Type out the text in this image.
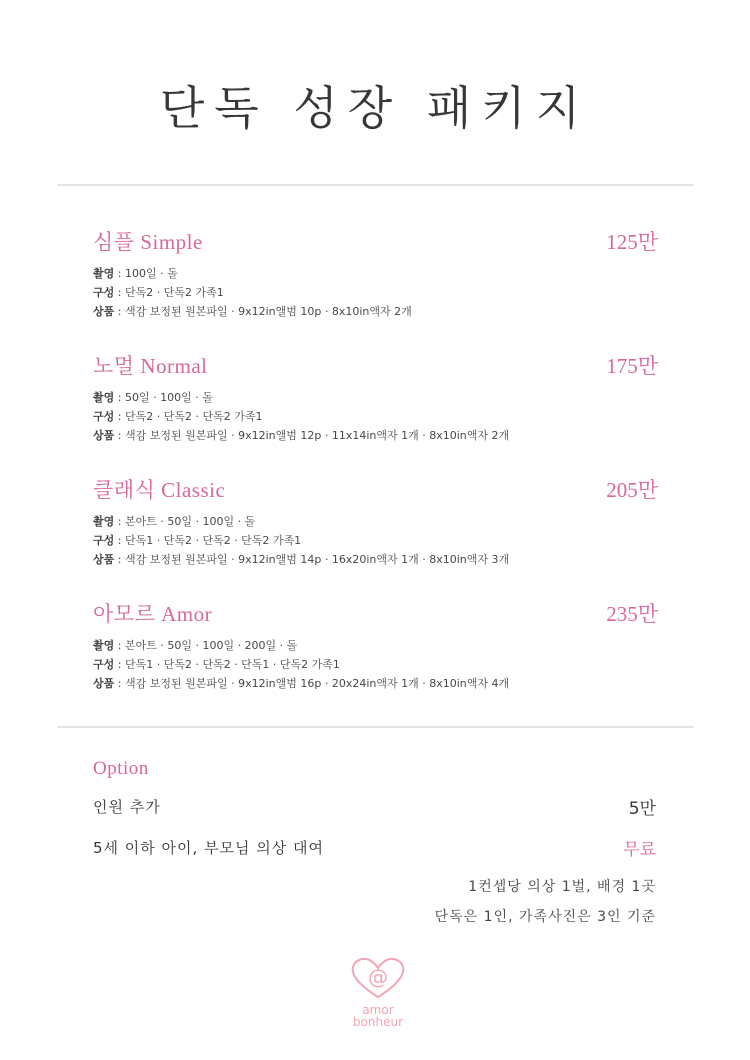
단독 성장 패키지
심플 Simple	125만
촬영 : 100일 · 돌
구성 : 단독2 · 단독2 가족1
상품 : 색감 보정된 원본파일 · 9x12in앨범 10p · 8x10in액자 2개
노멀 Normal	175만
촬영 : 50일 · 100일 · 돌
구성 : 단독2 · 단독2 · 단독2 가족1
상품 : 색감 보정된 원본파일 · 9x12in앨범 12p · 11x14in액자 1개 · 8x10in액자 2개
클래식 Classic	205만
촬영 : 본아트 · 50일 · 100일 · 돌
구성 : 단독1 · 단독2 · 단독2 · 단독2 가족1
상품 : 색감 보정된 원본파일 · 9x12in앨범 14p · 16x20in액자 1개 · 8x10in액자 3개
아모르 Amor	235만
촬영 : 본아트 · 50일 · 100일 · 200일 · 돌
구성 : 단독1 · 단독2 · 단독2 · 단독1 · 단독2 가족1
상품 : 색감 보정된 원본파일 · 9x12in앨범 16p · 20x24in액자 1개 · 8x10in액자 4개
Option
인원 추가	5만
5세 이하 아이, 부모님 의상 대여	무료
1컨셉당 의상 1벌, 배경 1곳
단독은 1인, 가족사진은 3인 기준
@
amor
bonheur
